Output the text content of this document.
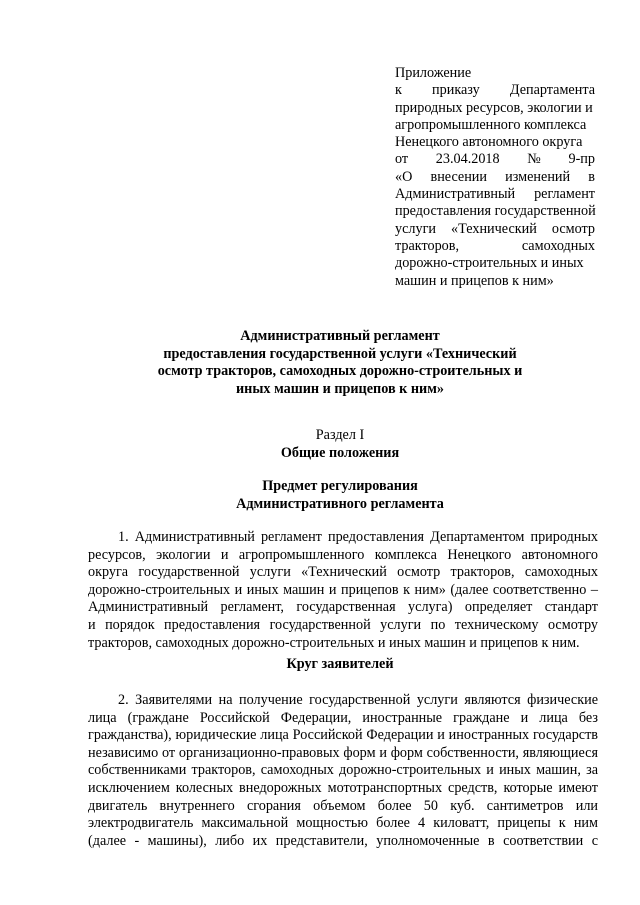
Приложение
к приказу Департамента
природных ресурсов, экологии и
агропромышленного комплекса
Ненецкого автономного округа
от 23.04.2018 № 9-пр
«О внесении изменений в
Административный регламент
предоставления государственной
услуги «Технический осмотр
тракторов,	самоходных
дорожно-строительных и иных
машин и прицепов к ним»
Административный регламент
предоставления государственной услуги «Технический
осмотр тракторов, самоходных дорожно-строительных и
иных машин и прицепов к ним»
Раздел I
Общие положения
Предмет регулирования
Административного регламента
1. Административный регламент предоставления Департаментом природных
ресурсов, экологии и агропромышленного комплекса Ненецкого автономного
округа государственной услуги «Технический осмотр тракторов, самоходных
дорожно-строительных и иных машин и прицепов к ним» (далее соответственно –
Административный регламент, государственная услуга) определяет стандарт
и порядок предоставления государственной услуги по техническому осмотру
тракторов, самоходных дорожно-строительных и иных машин и прицепов к ним.
Круг заявителей
2. Заявителями на получение государственной услуги являются физические
лица (граждане Российской Федерации, иностранные граждане и лица без
гражданства), юридические лица Российской Федерации и иностранных государств
независимо от организационно-правовых форм и форм собственности, являющиеся
собственниками тракторов, самоходных дорожно-строительных и иных машин, за
исключением колесных внедорожных мототранспортных средств, которые имеют
двигатель внутреннего сгорания объемом более 50 куб. сантиметров или
электродвигатель максимальной мощностью более 4 киловатт, прицепы к ним
(далее - машины), либо их представители, уполномоченные в соответствии с
